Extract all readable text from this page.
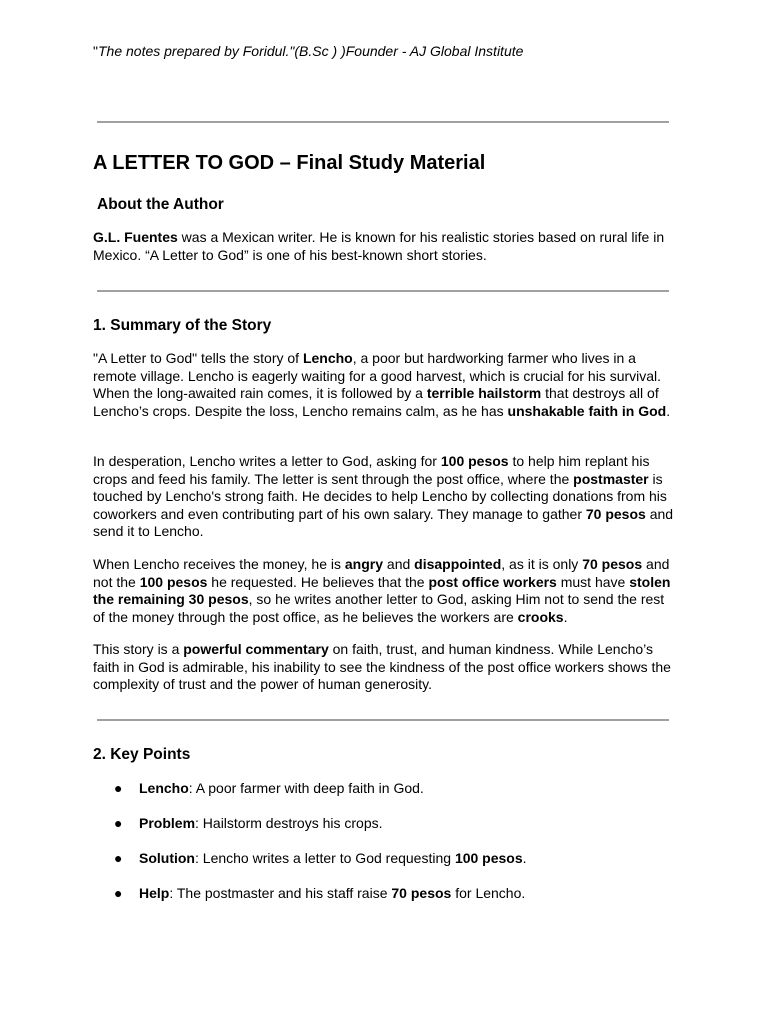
"The notes prepared by Foridul."(B.Sc ) )Founder - AJ Global Institute
A LETTER TO GOD – Final Study Material
About the Author

G.L. Fuentes was a Mexican writer. He is known for his realistic stories based on rural life in Mexico. “A Letter to God” is one of his best-known short stories.

1. Summary of the Story

"A Letter to God" tells the story of Lencho, a poor but hardworking farmer who lives in a remote village. Lencho is eagerly waiting for a good harvest, which is crucial for his survival. When the long-awaited rain comes, it is followed by a terrible hailstorm that destroys all of Lencho’s crops. Despite the loss, Lencho remains calm, as he has unshakable faith in God.

In desperation, Lencho writes a letter to God, asking for 100 pesos to help him replant his crops and feed his family. The letter is sent through the post office, where the postmaster is touched by Lencho's strong faith. He decides to help Lencho by collecting donations from his coworkers and even contributing part of his own salary. They manage to gather 70 pesos and send it to Lencho.

When Lencho receives the money, he is angry and disappointed, as it is only 70 pesos and not the 100 pesos he requested. He believes that the post office workers must have stolen the remaining 30 pesos, so he writes another letter to God, asking Him not to send the rest of the money through the post office, as he believes the workers are crooks.

This story is a powerful commentary on faith, trust, and human kindness. While Lencho’s faith in God is admirable, his inability to see the kindness of the post office workers shows the complexity of trust and the power of human generosity.

2. Key Points
● Lencho: A poor farmer with deep faith in God.
● Problem: Hailstorm destroys his crops.
● Solution: Lencho writes a letter to God requesting 100 pesos.
● Help: The postmaster and his staff raise 70 pesos for Lencho.
